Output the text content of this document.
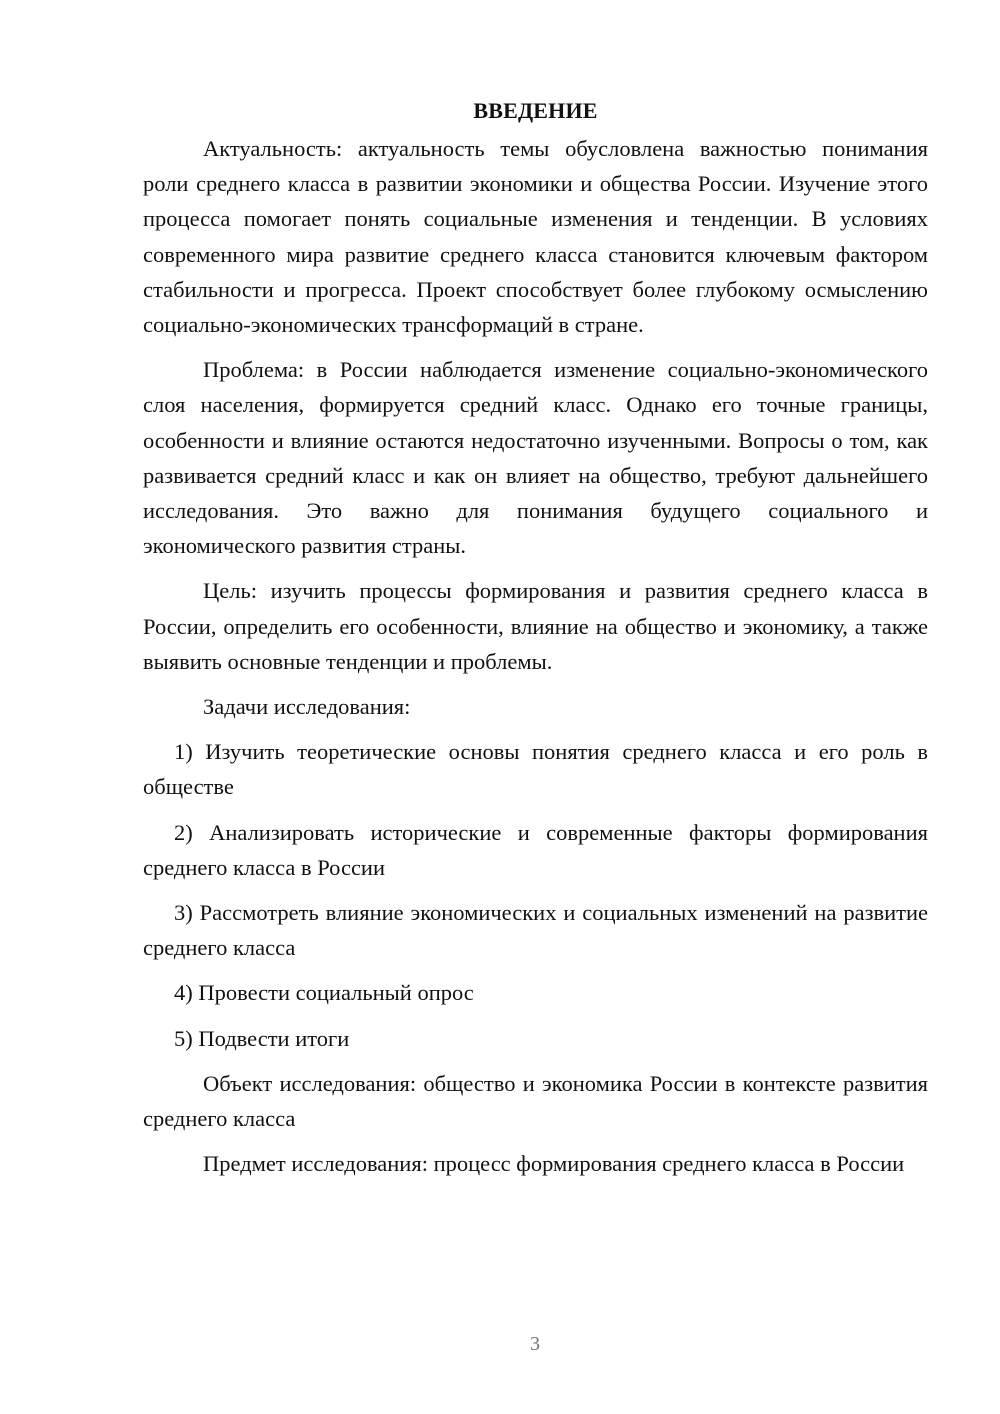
ВВЕДЕНИЕ

Актуальность: актуальность темы обусловлена важностью понимания роли среднего класса в развитии экономики и общества России. Изучение этого процесса помогает понять социальные изменения и тенденции. В условиях современного мира развитие среднего класса становится ключевым фактором стабильности и прогресса. Проект способствует более глубокому осмыслению социально-экономических трансформаций в стране.

Проблема: в России наблюдается изменение социально-экономического слоя населения, формируется средний класс. Однако его точные границы, особенности и влияние остаются недостаточно изученными. Вопросы о том, как развивается средний класс и как он влияет на общество, требуют дальнейшего исследования. Это важно для понимания будущего социального и экономического развития страны.

Цель: изучить процессы формирования и развития среднего класса в России, определить его особенности, влияние на общество и экономику, а также выявить основные тенденции и проблемы.

Задачи исследования:

1) Изучить теоретические основы понятия среднего класса и его роль в обществе

2) Анализировать исторические и современные факторы формирования среднего класса в России

3) Рассмотреть влияние экономических и социальных изменений на развитие среднего класса

4) Провести социальный опрос

5) Подвести итоги

Объект исследования: общество и экономика России в контексте развития среднего класса

Предмет исследования: процесс формирования среднего класса в России

3
